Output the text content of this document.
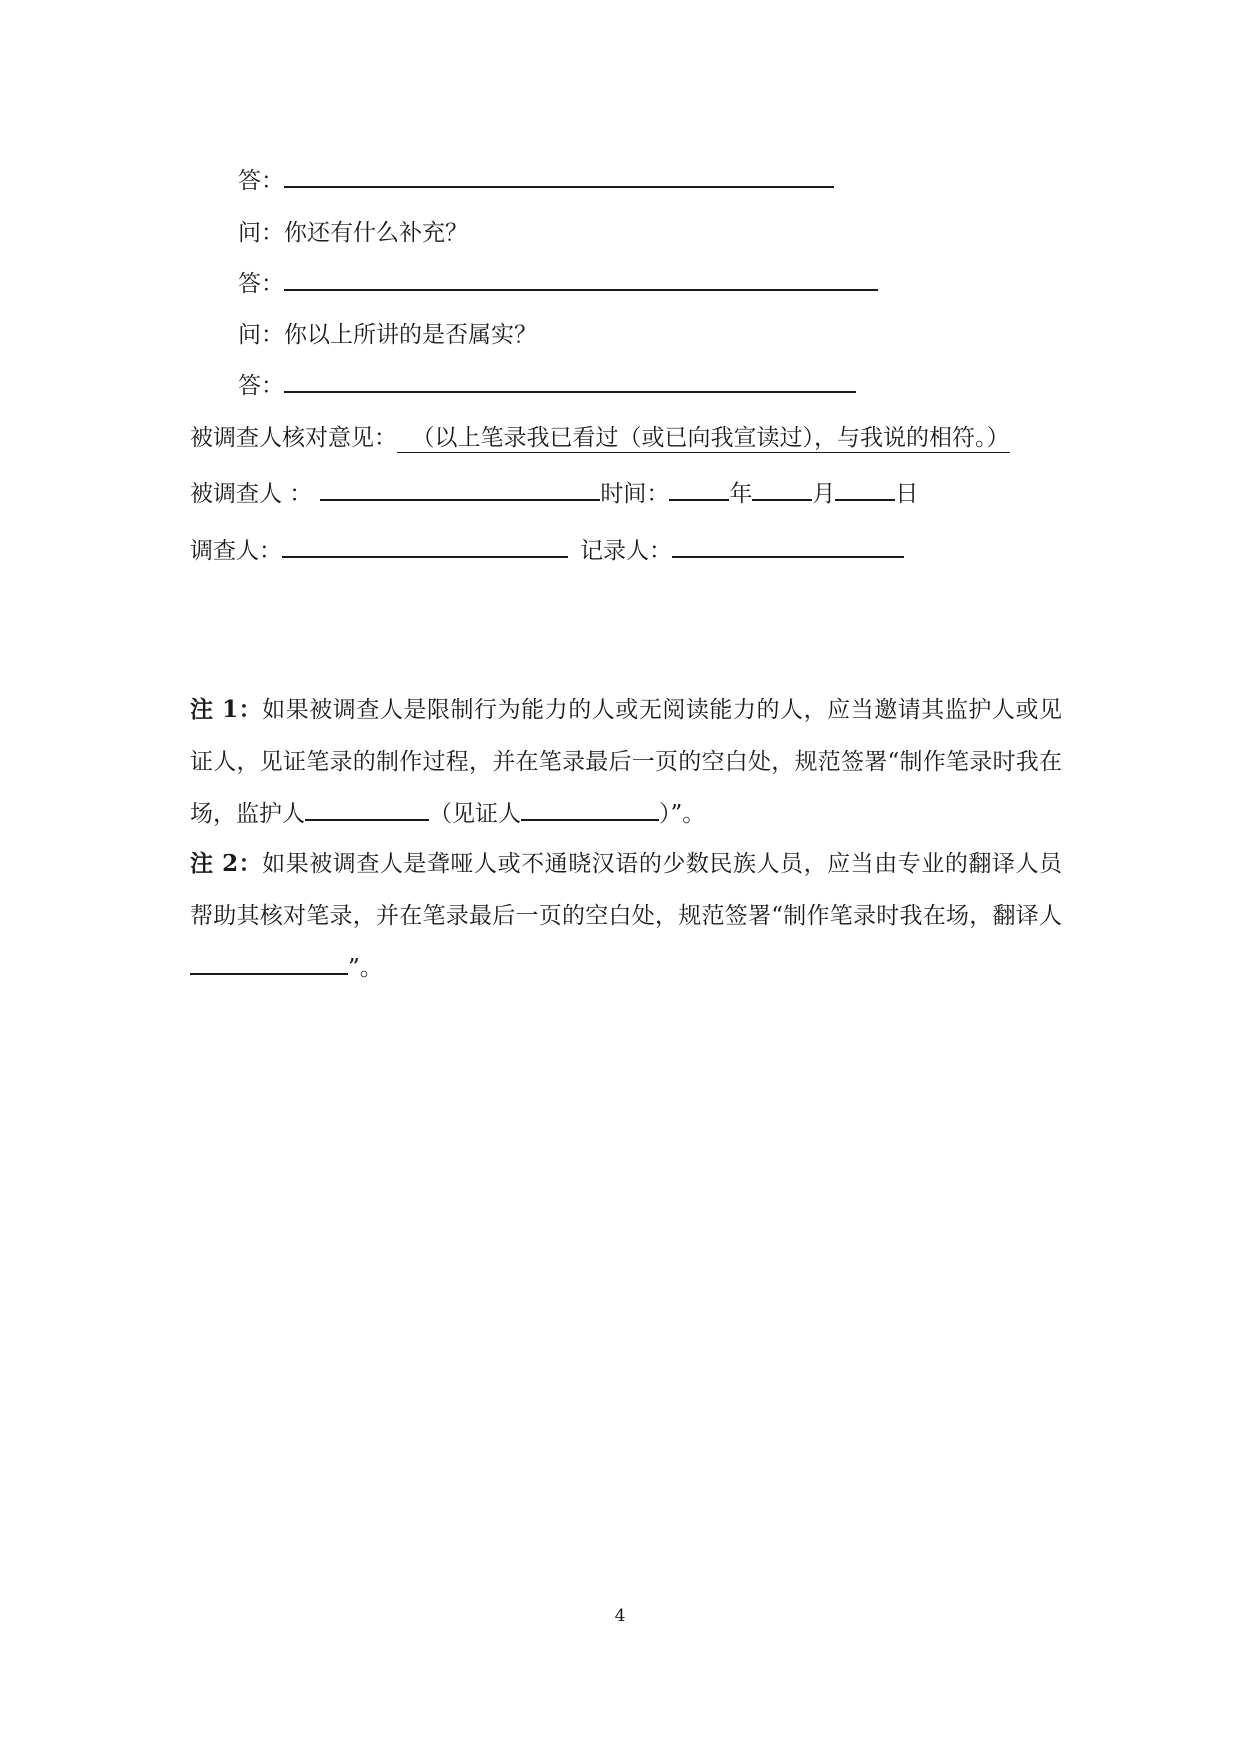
答：
问：你还有什么补充？
答：
问：你以上所讲的是否属实？
答：
被调查人核对意见： （以上笔录我已看过（或已向我宣读过），与我说的相符。）
被调查人 ：	时间：	年	月	日
调查人：	记录人：
注 1：如果被调查人是限制行为能力的人或无阅读能力的人，应当邀请其监护人或见证人，见证笔录的制作过程，并在笔录最后一页的空白处，规范签署“制作笔录时我在场，监护人	（见证人	）”。
注 2：如果被调查人是聋哑人或不通晓汉语的少数民族人员，应当由专业的翻译人员帮助其核对笔录，并在笔录最后一页的空白处，规范签署“制作笔录时我在场，翻译人”。
4
